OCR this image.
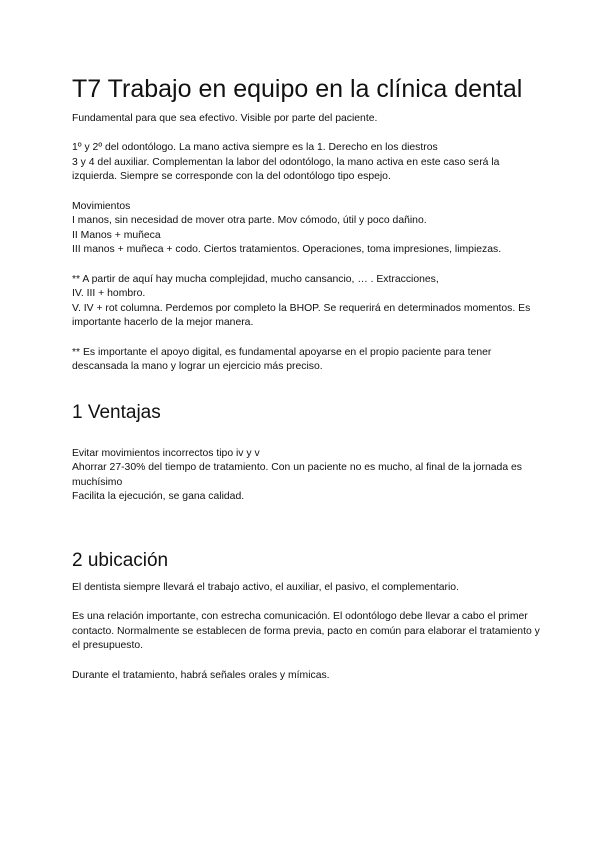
T7 Trabajo en equipo en la clínica dental
Fundamental para que sea efectivo. Visible por parte del paciente.
1º y 2º del odontólogo. La mano activa siempre es la 1. Derecho en los diestros
3 y 4 del auxiliar. Complementan la labor del odontólogo, la mano activa en este caso será la izquierda. Siempre se corresponde con la del odontólogo tipo espejo.
Movimientos
I manos, sin necesidad de mover otra parte. Mov cómodo, útil y poco dañino.
II Manos + muñeca
III manos + muñeca + codo. Ciertos tratamientos. Operaciones, toma impresiones, limpiezas.
** A partir de aquí hay mucha complejidad, mucho cansancio, … . Extracciones,
IV. III + hombro.
V. IV + rot columna. Perdemos por completo la BHOP. Se requerirá en determinados momentos. Es importante hacerlo de la mejor manera.
** Es importante el apoyo digital, es fundamental apoyarse en el propio paciente para tener descansada la mano y lograr un ejercicio más preciso.
1 Ventajas
Evitar movimientos incorrectos tipo iv y v
Ahorrar 27-30% del tiempo de tratamiento. Con un paciente no es mucho, al final de la jornada es muchísimo
Facilita la ejecución, se gana calidad.
2 ubicación
El dentista siempre llevará el trabajo activo, el auxiliar, el pasivo, el complementario.
Es una relación importante, con estrecha comunicación. El odontólogo debe llevar a cabo el primer contacto. Normalmente se establecen de forma previa, pacto en común para elaborar el tratamiento y el presupuesto.
Durante el tratamiento, habrá señales orales y mímicas.
